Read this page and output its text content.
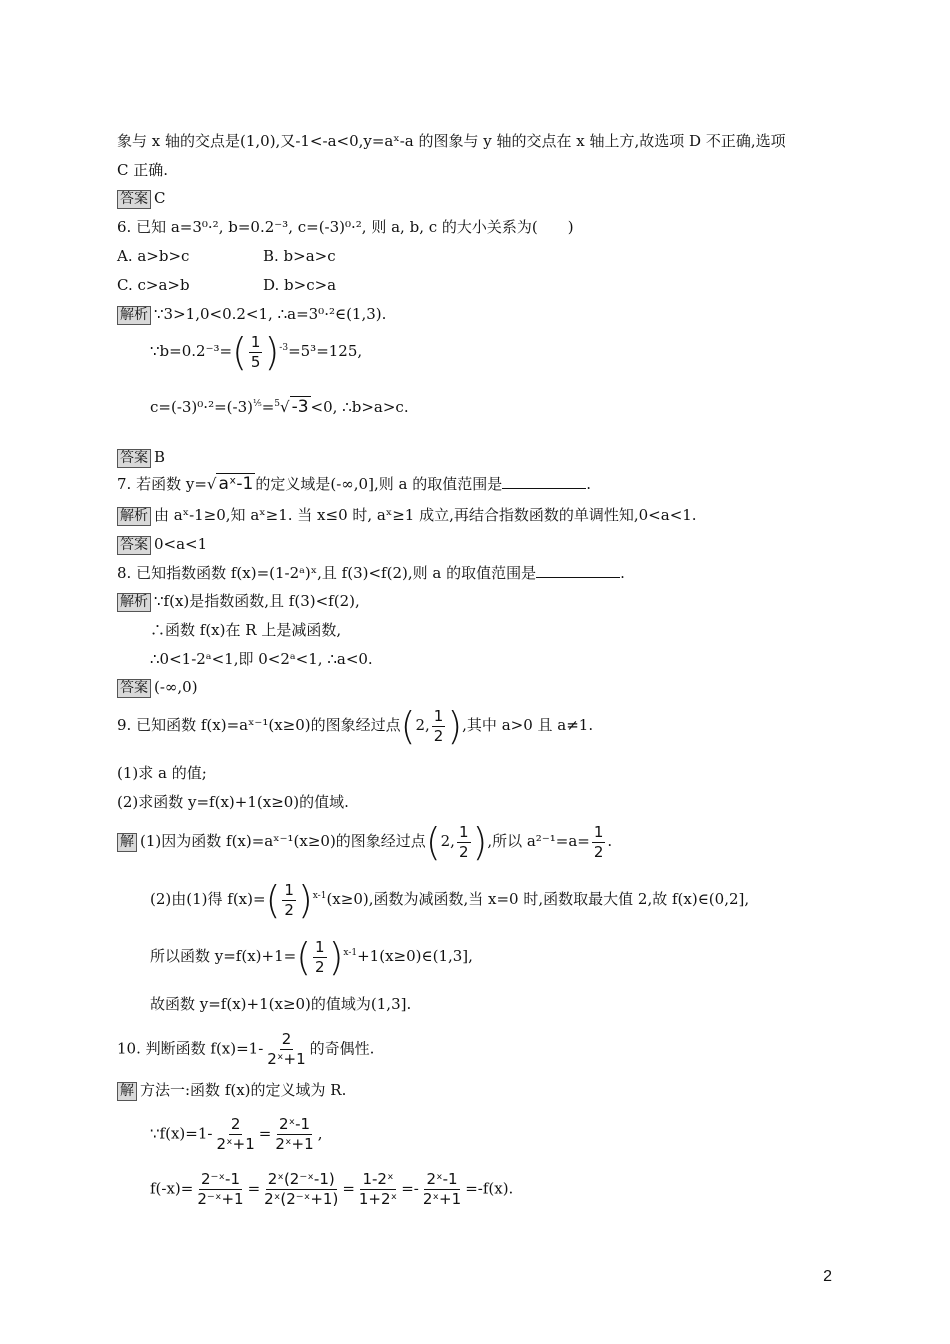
象与 x 轴的交点是(1,0),又-1<-a<0,y=aˣ-a 的图象与 y 轴的交点在 x 轴上方,故选项 D 不正确,选项
C 正确.
答案 C
6. 已知 a=3⁰·², b=0.2⁻³, c=(-3)⁰·², 则 a, b, c 的大小关系为(　　)
A. a>b>c	B. b>a>c
C. c>a>b	D. b>c>a
解析 ∵3>1,0<0.2<1, ∴a=3⁰·²∈(1,3).
∵b=0.2⁻³=( $\frac{1}{5} )^{-3}=5^3=125$,
$c=(-3)^0\cdot^2=(-3)^{\frac{1}{5}}=^5√$ -3 <0, ∴b>a>c.
答案 B
7. 若函数 y=√ aˣ-1 的定义域是(-∞,0],则 a 的取值范围是	.
解析 由 aˣ-1≥0,知 aˣ≥1. 当 x≤0 时, aˣ≥1 成立,再结合指数函数的单调性知,0<a<1.
答案 0<a<1
8. 已知指数函数 f(x)=(1-2ᵃ)ˣ,且 f(3)<f(2),则 a 的取值范围是	.
解析 ∵f(x)是指数函数,且 f(3)<f(2),
∴函数 f(x)在 R 上是减函数,
∴0<1-2ᵃ<1,即 0<2ᵃ<1, ∴a<0.
答案 (-∞,0)
9. 已知函数 f(x)=aˣ⁻¹(x≥0)的图象经过点(2, $\frac{1}{2}$ ),其中 a>0 且 a≠1.
(1)求 a 的值;
(2)求函数 y=f(x)+1(x≥0)的值域.
解 (1)因为函数 f(x)=aˣ⁻¹(x≥0)的图象经过点(2, $\frac{1}{2}$ ),所以 $a^{2-1}=a= \frac{1}{2}$ .
(2)由(1)得 $f(x)=( \frac{1}{2} )^{x-1}(x\ge 0)$,函数为减函数,当 x=0 时,函数取最大值 2,故 f(x)∈(0,2],
所以函数 $y=f(x)+1=( \frac{1}{2}$ )$^{x-1}+1(x\ge 0)\in(1,3]$,
故函数 y=f(x)+1(x≥0)的值域为(1,3].
10. 判断函数 $f(x)=1- \frac{2}{\text{2ˣ+1}}$ 的奇偶性.
解 方法一:函数 f(x)的定义域为 R.
∵f(x)=1- $\frac{2}{\text{2ˣ+1}} = \frac{\text{2ˣ-1}}{\text{2ˣ+1}}$ ,
$f(-x)= \frac{\text{2⁻ˣ-1}}{\text{2⁻ˣ+1}} = \frac{\text{2ˣ(2⁻ˣ-1)}}{\text{2ˣ(2⁻ˣ+1)}} = \frac{\text{1-2ˣ}}{\text{1+2ˣ}} =- \frac{\text{2ˣ-1}}{\text{2ˣ+1}} =-f(x)$.
2
